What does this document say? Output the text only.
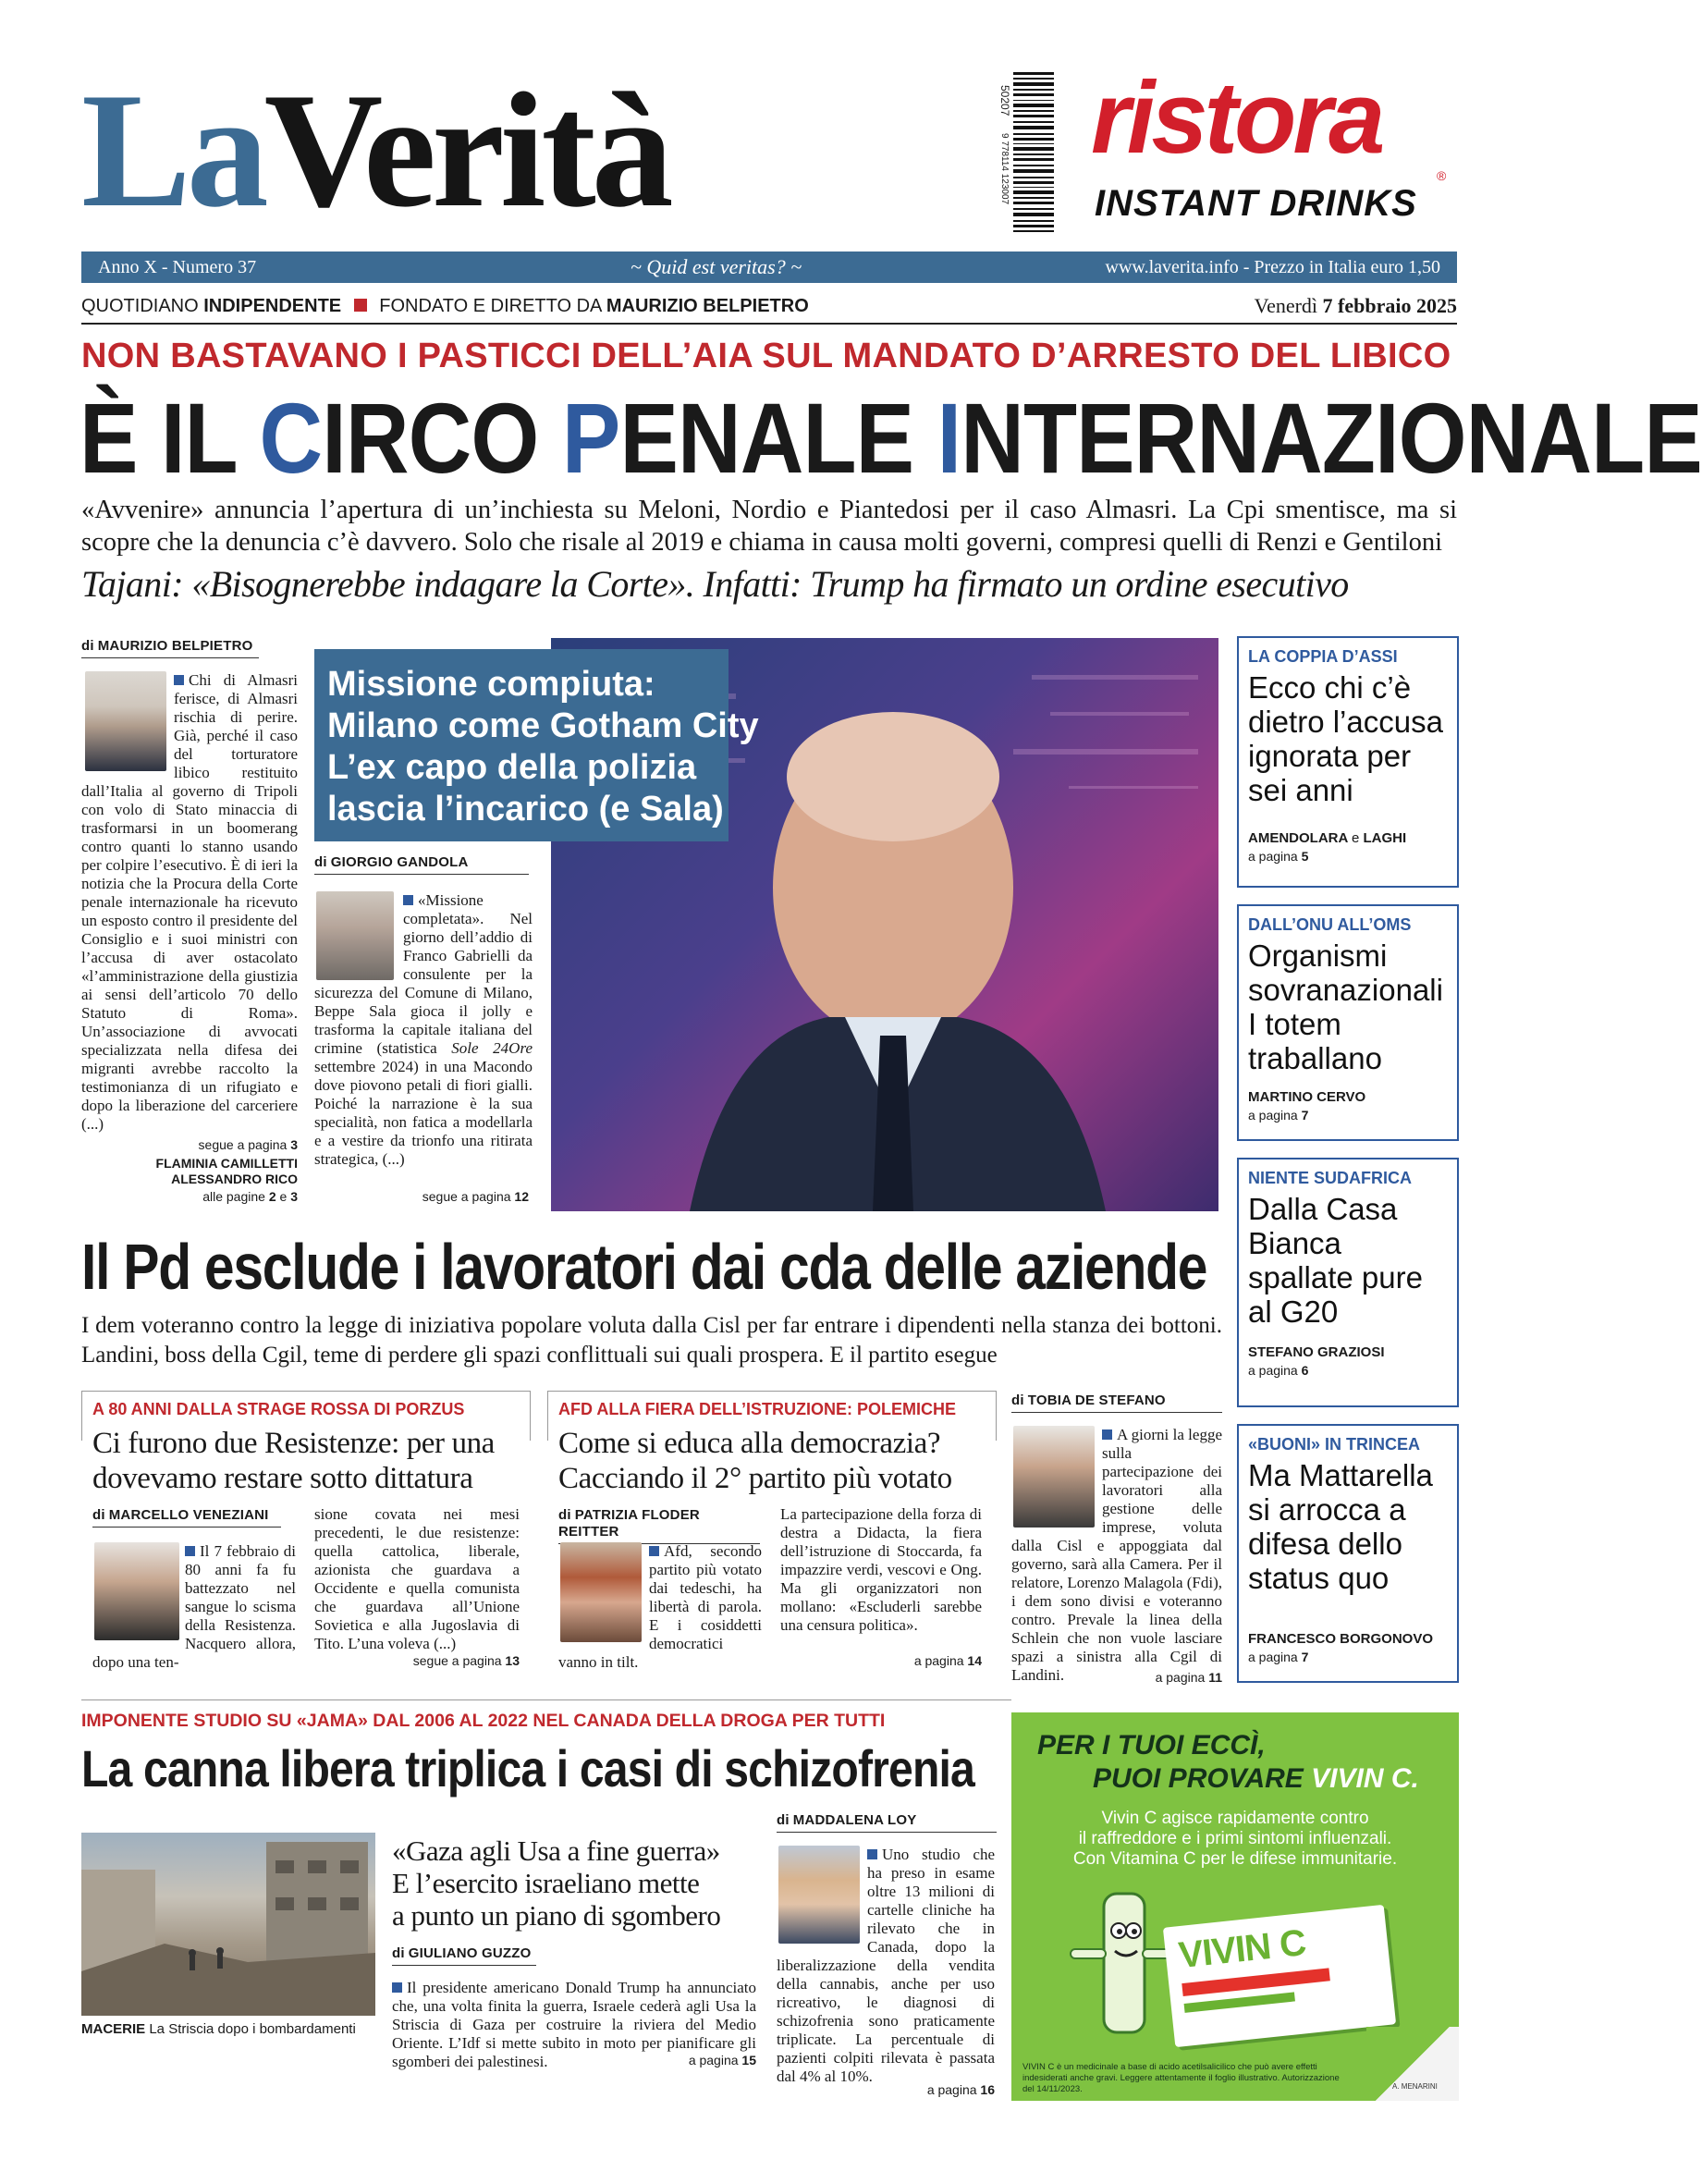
LaVerità	50207
9 778114 123007 ristora
®
INSTANT DRINKS
Anno X - Numero 37	~ Quid est veritas? ~	www.laverita.info - Prezzo in Italia euro 1,50
QUOTIDIANO INDIPENDENTE FONDATO E DIRETTO DA MAURIZIO BELPIETRO	Venerdì 7 febbraio 2025
NON BASTAVANO I PASTICCI DELL’AIA SUL MANDATO D’ARRESTO DEL LIBICO
È IL CIRCO PENALE INTERNAZIONALE
«Avvenire» annuncia l’apertura di un’inchiesta su Meloni, Nordio e Piantedosi per il caso Almasri. La Cpi smentisce, ma si scopre che la denuncia c’è davvero. Solo che risale al 2019 e chiama in causa molti governi, compresi quelli di Renzi e Gentiloni
Tajani: «Bisognerebbe indagare la Corte». Infatti: Trump ha firmato un ordine esecutivo
di MAURIZIO BELPIETRO
Chi di Almasri ferisce, di Almasri rischia di perire. Già, perché il caso del torturatore libico restituito dall’Italia al governo di Tripoli con volo di Stato minaccia di trasformarsi in un boomerang contro quanti lo stanno usando per colpire l’esecutivo. È di ieri la notizia che la Procura della Corte penale internazionale ha ricevuto un esposto contro il presidente del Consiglio e i suoi ministri con l’accusa di aver ostacolato «l’amministrazione della giustizia ai sensi dell’articolo 70 dello Statuto di Roma». Un’associazione di avvocati specializzata nella difesa dei migranti avrebbe raccolto la testimonianza di un rifugiato e dopo la liberazione del carceriere (...)
segue a pagina 3
FLAMINIA CAMILLETTI
ALESSANDRO RICO
alle pagine 2 e 3
Missione compiuta:
Milano come Gotham City
L’ex capo della polizia
lascia l’incarico (e Sala)
di GIORGIO GANDOLA
«Missione completata». Nel giorno dell’addio di Franco Gabrielli da consulente per la sicurezza del Comune di Milano, Beppe Sala gioca il jolly e trasforma la capitale italiana del crimine (statistica Sole 24Ore settembre 2024) in una Macondo dove piovono petali di fiori gialli. Poiché la narrazione è la sua specialità, non fatica a modellarla e a vestire da trionfo una ritirata strategica, (...)
segue a pagina 12
LA COPPIA D’ASSI
Ecco chi c’è dietro l’accusa ignorata per sei anni
AMENDOLARA e LAGHI
a pagina 5
DALL’ONU ALL’OMS
Organismi sovranazionali I totem traballano
MARTINO CERVO
a pagina 7
NIENTE SUDAFRICA
Dalla Casa Bianca spallate pure al G20
STEFANO GRAZIOSI
a pagina 6
«BUONI» IN TRINCEA
Ma Mattarella si arrocca a difesa dello status quo
FRANCESCO BORGONOVO
a pagina 7
Il Pd esclude i lavoratori dai cda delle aziende
I dem voteranno contro la legge di iniziativa popolare voluta dalla Cisl per far entrare i dipendenti nella stanza dei bottoni. Landini, boss della Cgil, teme di perdere gli spazi conflittuali sui quali prospera. E il partito esegue
A 80 ANNI DALLA STRAGE ROSSA DI PORZUS
Ci furono due Resistenze: per una dovevamo restare sotto dittatura
di MARCELLO VENEZIANI
Il 7 febbraio di 80 anni fa fu battezzato nel sangue lo scisma della Resistenza. Nacquero allora, dopo una ten-
sione covata nei mesi precedenti, le due resistenze: quella cattolica, liberale, azionista che guardava a Occidente e quella comunista che guardava all’Unione Sovietica e alla Jugoslavia di Tito. L’una voleva (...)
segue a pagina 13
AFD ALLA FIERA DELL’ISTRUZIONE: POLEMICHE
Come si educa alla democrazia? Cacciando il 2° partito più votato
di PATRIZIA FLODER REITTER
Afd, secondo partito più votato dai tedeschi, ha libertà di parola. E i cosiddetti democratici vanno in tilt.
La partecipazione della forza di destra a Didacta, la fiera dell’istruzione di Stoccarda, fa impazzire verdi, vescovi e Ong. Ma gli organizzatori non mollano: «Escluderli sarebbe una censura politica».
a pagina 14
di TOBIA DE STEFANO
A giorni la legge sulla partecipazione dei lavoratori alla gestione delle imprese, voluta dalla Cisl e appoggiata dal governo, sarà alla Camera. Per il relatore, Lorenzo Malagola (Fdi), i dem sono divisi e voteranno contro. Prevale la linea della Schlein che non vuole lasciare spazi a sinistra alla Cgil di Landini.	a pagina 11
IMPONENTE STUDIO SU «JAMA» DAL 2006 AL 2022 NEL CANADA DELLA DROGA PER TUTTI
La canna libera triplica i casi di schizofrenia
MACERIE La Striscia dopo i bombardamenti
«Gaza agli Usa a fine guerra»
E l’esercito israeliano mette
a punto un piano di sgombero
di GIULIANO GUZZO
Il presidente americano Donald Trump ha annunciato che, una volta finita la guerra, Israele cederà agli Usa la Striscia di Gaza per costruire la riviera del Medio Oriente. L’Idf si mette subito in moto per pianificare gli sgomberi dei palestinesi.	a pagina 15
di MADDALENA LOY
Uno studio che ha preso in esame oltre 13 milioni di cartelle cliniche ha rilevato che in Canada, dopo la liberalizzazione della vendita della cannabis, anche per uso ricreativo, le diagnosi di schizofrenia sono praticamente triplicate. La percentuale di pazienti colpiti rilevata è passata dal 4% al 10%.
a pagina 16
PER I TUOI ECCÌ,
PUOI PROVARE VIVIN C.
Vivin C agisce rapidamente contro
il raffreddore e i primi sintomi influenzali.
Con Vitamina C per le difese immunitarie.
VIVIN C
VIVIN C è un medicinale a base di acido acetilsalicilico che può avere effetti indesiderati anche gravi. Leggere attentamente il foglio illustrativo. Autorizzazione del 14/11/2023.	A. MENARINI
